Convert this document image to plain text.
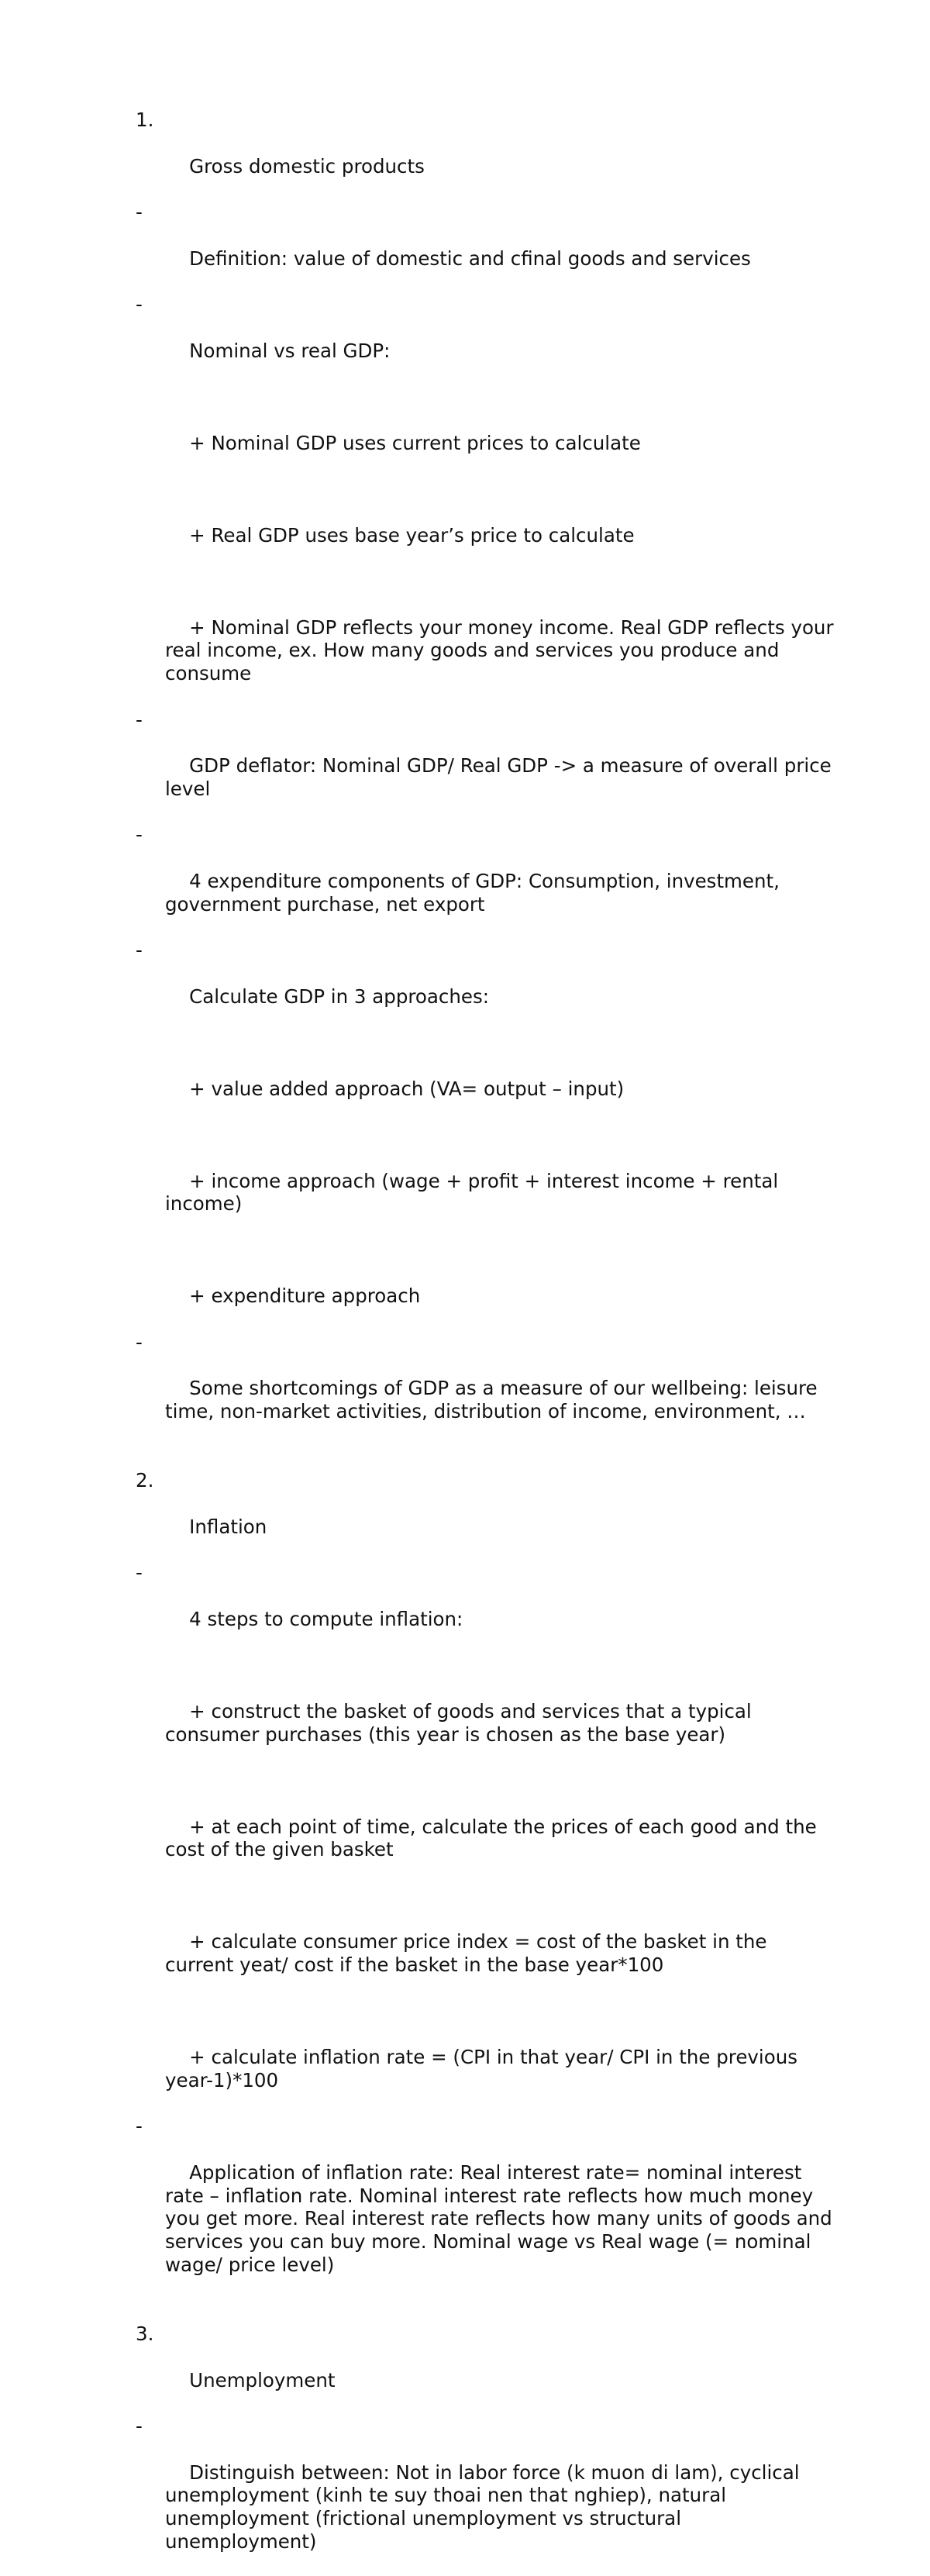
1.

Gross domestic products

-

Definition: value of domestic and cfinal goods and services

-

Nominal vs real GDP:

+ Nominal GDP uses current prices to calculate

+ Real GDP uses base year’s price to calculate

+ Nominal GDP reflects your money income. Real GDP reflects your real income, ex. How many goods and services you produce and consume

-

GDP deflator: Nominal GDP/ Real GDP -> a measure of overall price level

-

4 expenditure components of GDP: Consumption, investment, government purchase, net export

-

Calculate GDP in 3 approaches:

+ value added approach (VA= output – input)

+ income approach (wage + profit + interest income + rental income)

+ expenditure approach

-

Some shortcomings of GDP as a measure of our wellbeing: leisure time, non-market activities, distribution of income, environment, …

2.

Inflation

-

4 steps to compute inflation:

+ construct the basket of goods and services that a typical consumer purchases (this year is chosen as the base year)

+ at each point of time, calculate the prices of each good and the cost of the given basket

+ calculate consumer price index = cost of the basket in the current yeat/ cost if the basket in the base year*100

+ calculate inflation rate = (CPI in that year/ CPI in the previous year-1)*100

-

Application of inflation rate: Real interest rate= nominal interest rate – inflation rate. Nominal interest rate reflects how much money you get more. Real interest rate reflects how many units of goods and services you can buy more. Nominal wage vs Real wage (= nominal wage/ price level)

3.

Unemployment

-

Distinguish between: Not in labor force (k muon di lam), cyclical unemployment (kinh te suy thoai nen that nghiep), natural unemployment (frictional unemployment vs structural unemployment)
